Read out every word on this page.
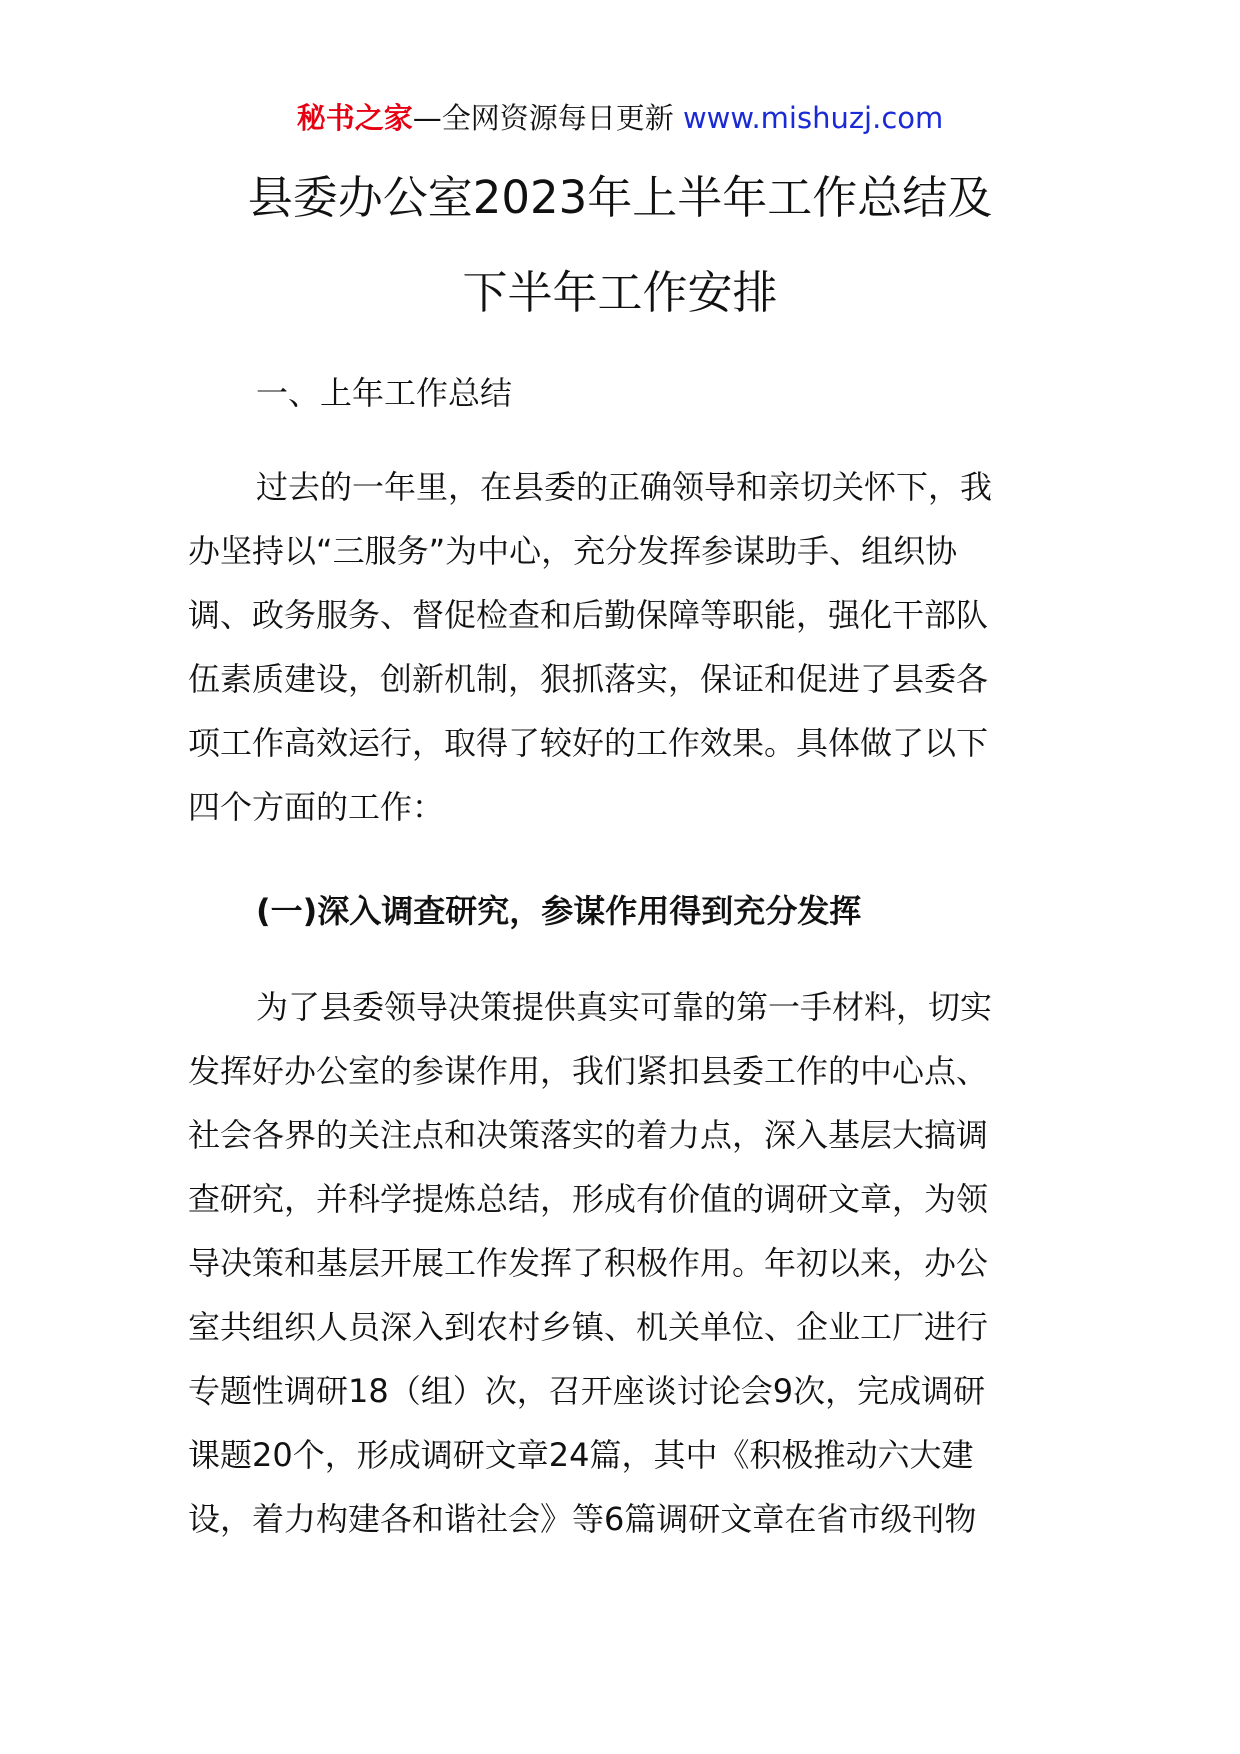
秘书之家—全网资源每日更新 www.mishuzj.com
县委办公室2023年上半年工作总结及
下半年工作安排
一、上年工作总结
过去的一年里，在县委的正确领导和亲切关怀下，我
办坚持以“三服务”为中心，充分发挥参谋助手、组织协
调、政务服务、督促检查和后勤保障等职能，强化干部队
伍素质建设，创新机制，狠抓落实，保证和促进了县委各
项工作高效运行，取得了较好的工作效果。具体做了以下
四个方面的工作：
(一)深入调查研究，参谋作用得到充分发挥
为了县委领导决策提供真实可靠的第一手材料，切实
发挥好办公室的参谋作用，我们紧扣县委工作的中心点、
社会各界的关注点和决策落实的着力点，深入基层大搞调
查研究，并科学提炼总结，形成有价值的调研文章，为领
导决策和基层开展工作发挥了积极作用。年初以来，办公
室共组织人员深入到农村乡镇、机关单位、企业工厂进行
专题性调研18（组）次，召开座谈讨论会9次，完成调研
课题20个，形成调研文章24篇，其中《积极推动六大建
设，着力构建各和谐社会》等6篇调研文章在省市级刊物
